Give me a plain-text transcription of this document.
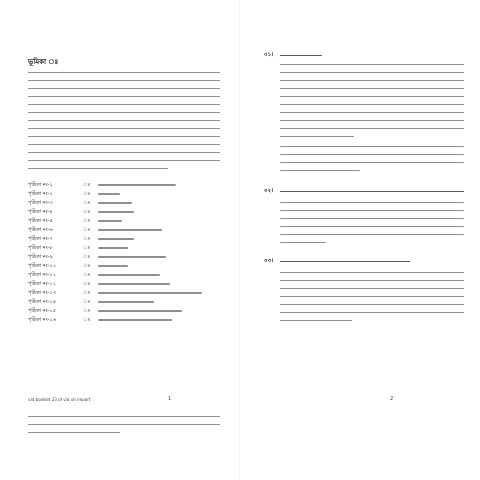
ভূমিকা ঃ
পৃষ্ঠিকা নং-১	ঃ
পৃষ্ঠিকা নং-২	ঃ
পৃষ্ঠিকা নং-৩	ঃ
পৃষ্ঠিকা নং-৪	ঃ
পৃষ্ঠিকা নং-৫	ঃ
পৃষ্ঠিকা নং-৬	ঃ
পৃষ্ঠিকা নং-৭	ঃ
পৃষ্ঠিকা নং-৮	ঃ
পৃষ্ঠিকা নং-৯	ঃ
পৃষ্ঠিকা নং-১০	ঃ
পৃষ্ঠিকা নং-১১	ঃ
পৃষ্ঠিকা নং-১২	ঃ
পৃষ্ঠিকা নং-১৩	ঃ
পৃষ্ঠিকা নং-১৪	ঃ
পৃষ্ঠিকা নং-১৫	ঃ
পৃষ্ঠিকা নং-১৬	ঃ
vat booklet 23 of vat on import	1
০১।
০২।
০৩।
2
